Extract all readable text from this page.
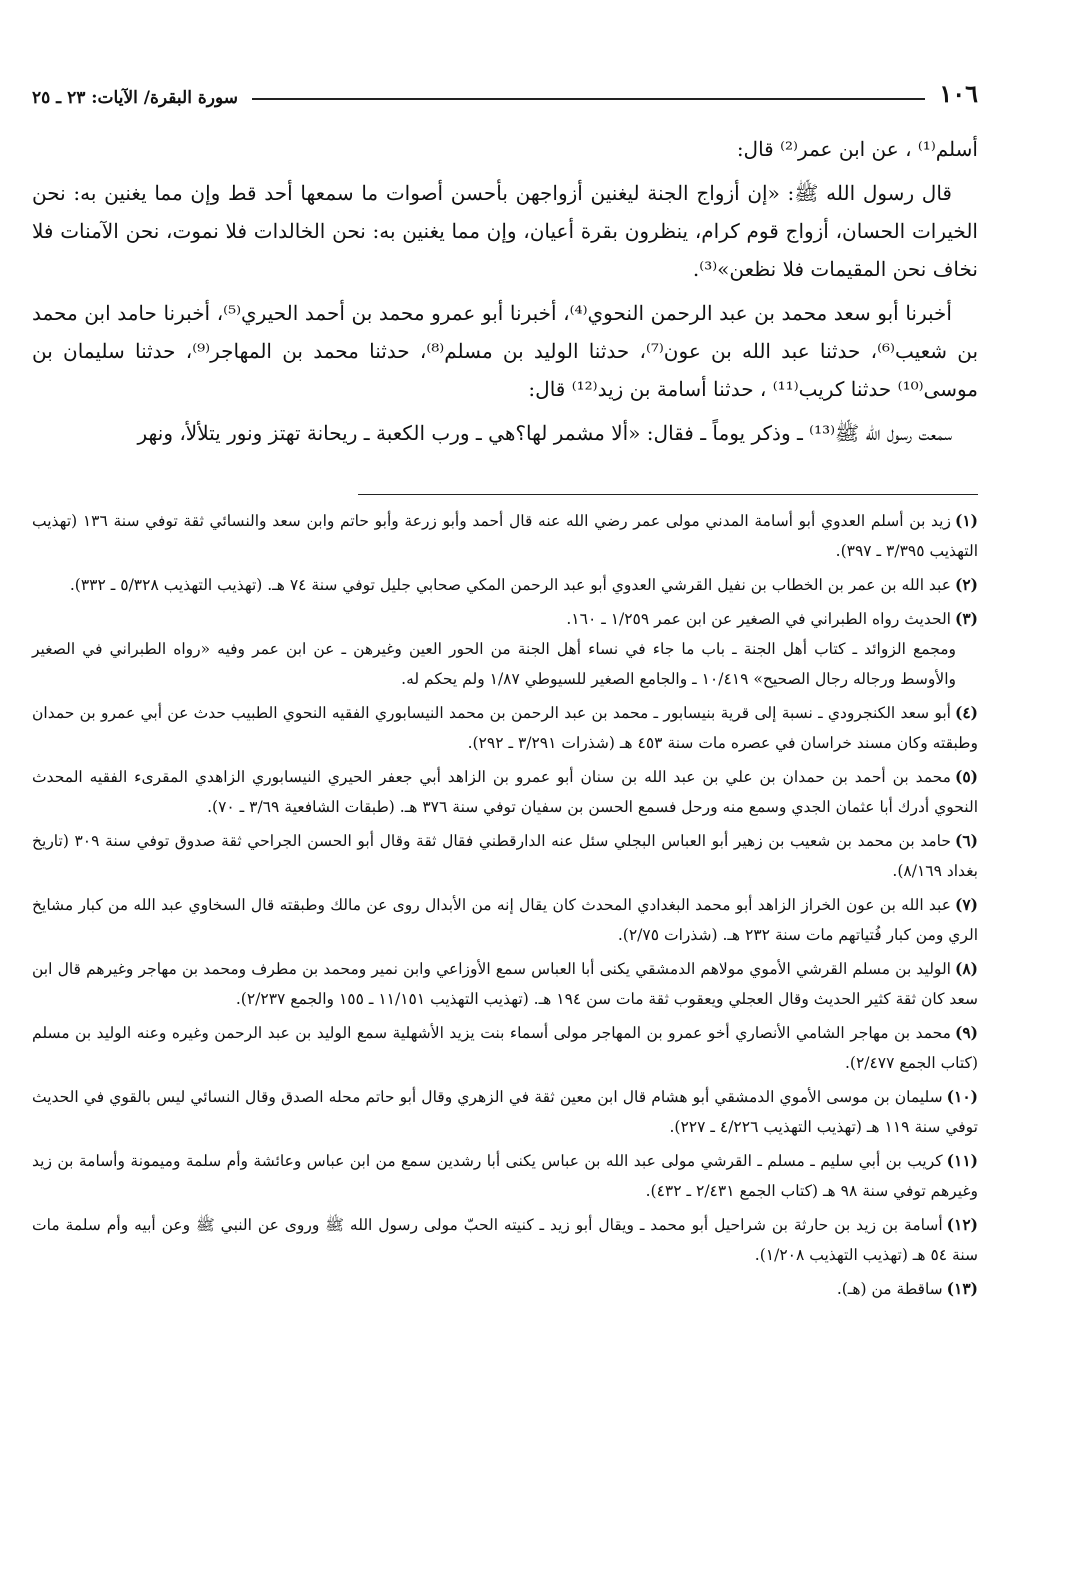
١٠٦
سورة البقرة/ الآيات: ٢٣ ـ ٢٥

أسلم⁽¹⁾ ، عن ابن عمر⁽²⁾ قال:

قال رسول الله ﷺ: «إن أزواج الجنة ليغنين أزواجهن بأحسن أصوات ما سمعها أحد قط وإن مما يغنين به: نحن الخيرات الحسان، أزواج قوم كرام، ينظرون بقرة أعيان، وإن مما يغنين به: نحن الخالدات فلا نموت، نحن الآمنات فلا نخاف نحن المقيمات فلا نظعن»⁽³⁾.

أخبرنا أبو سعد محمد بن عبد الرحمن النحوي⁽⁴⁾، أخبرنا أبو عمرو محمد بن أحمد الحيري⁽⁵⁾، أخبرنا حامد ابن محمد بن شعيب⁽⁶⁾، حدثنا عبد الله بن عون⁽⁷⁾، حدثنا الوليد بن مسلم⁽⁸⁾، حدثنا محمد بن المهاجر⁽⁹⁾، حدثنا سليمان بن موسى⁽¹⁰⁾ حدثنا كريب⁽¹¹⁾ ، حدثنا أسامة بن زيد⁽¹²⁾ قال:

سمعت رسول الله ﷺ⁽¹³⁾ ـ وذكر يوماً ـ فقال: «ألا مشمر لها؟هي ـ ورب الكعبة ـ ريحانة تهتز ونور يتلألأ، ونهر

(١)زيد بن أسلم العدوي أبو أسامة المدني مولى عمر رضي الله عنه قال أحمد وأبو زرعة وأبو حاتم وابن سعد والنسائي ثقة توفي سنة ١٣٦ (تهذيب التهذيب ٣/٣٩٥ ـ ٣٩٧).
(٢)عبد الله بن عمر بن الخطاب بن نفيل القرشي العدوي أبو عبد الرحمن المكي صحابي جليل توفي سنة ٧٤ هـ. (تهذيب التهذيب ٥/٣٢٨ ـ ٣٣٢).
(٣)الحديث رواه الطبراني في الصغير عن ابن عمر ١/٢٥٩ ـ ١٦٠.

ومجمع الزوائد ـ كتاب أهل الجنة ـ باب ما جاء في نساء أهل الجنة من الحور العين وغيرهن ـ عن ابن عمر وفيه «رواه الطبراني في الصغير والأوسط ورجاله رجال الصحيح» ١٠/٤١٩ ـ والجامع الصغير للسيوطي ١/٨٧ ولم يحكم له.

(٤)أبو سعد الكنجرودي ـ نسبة إلى قرية بنيسابور ـ محمد بن عبد الرحمن بن محمد النيسابوري الفقيه النحوي الطبيب حدث عن أبي عمرو بن حمدان وطبقته وكان مسند خراسان في عصره مات سنة ٤٥٣ هـ (شذرات ٣/٢٩١ ـ ٢٩٢).
(٥)محمد بن أحمد بن حمدان بن علي بن عبد الله بن سنان أبو عمرو بن الزاهد أبي جعفر الحيري النيسابوري الزاهدي المقرىء الفقيه المحدث النحوي أدرك أبا عثمان الجدي وسمع منه ورحل فسمع الحسن بن سفيان توفي سنة ٣٧٦ هـ. (طبقات الشافعية ٣/٦٩ ـ ٧٠).
(٦)حامد بن محمد بن شعيب بن زهير أبو العباس البجلي سئل عنه الدارقطني فقال ثقة وقال أبو الحسن الجراحي ثقة صدوق توفي سنة ٣٠٩ (تاريخ بغداد ٨/١٦٩).
(٧)عبد الله بن عون الخراز الزاهد أبو محمد البغدادي المحدث كان يقال إنه من الأبدال روى عن مالك وطبقته قال السخاوي عبد الله من كبار مشايخ الري ومن كبار فُتياتهم مات سنة ٢٣٢ هـ. (شذرات ٢/٧٥).
(٨)الوليد بن مسلم القرشي الأموي مولاهم الدمشقي يكنى أبا العباس سمع الأوزاعي وابن نمير ومحمد بن مطرف ومحمد بن مهاجر وغيرهم قال ابن سعد كان ثقة كثير الحديث وقال العجلي ويعقوب ثقة مات سن ١٩٤ هـ. (تهذيب التهذيب ١١/١٥١ ـ ١٥٥ والجمع ٢/٢٣٧).
(٩)محمد بن مهاجر الشامي الأنصاري أخو عمرو بن المهاجر مولى أسماء بنت يزيد الأشهلية سمع الوليد بن عبد الرحمن وغيره وعنه الوليد بن مسلم (كتاب الجمع ٢/٤٧٧).
(١٠)سليمان بن موسى الأموي الدمشقي أبو هشام قال ابن معين ثقة في الزهري وقال أبو حاتم محله الصدق وقال النسائي ليس بالقوي في الحديث توفي سنة ١١٩ هـ (تهذيب التهذيب ٤/٢٢٦ ـ ٢٢٧).
(١١)كريب بن أبي سليم ـ مسلم ـ القرشي مولى عبد الله بن عباس يكنى أبا رشدين سمع من ابن عباس وعائشة وأم سلمة وميمونة وأسامة بن زيد وغيرهم توفي سنة ٩٨ هـ (كتاب الجمع ٢/٤٣١ ـ ٤٣٢).
(١٢)أسامة بن زيد بن حارثة بن شراحيل أبو محمد ـ ويقال أبو زيد ـ كنيته الحبّ مولى رسول الله ﷺ وروى عن النبي ﷺ وعن أبيه وأم سلمة مات سنة ٥٤ هـ (تهذيب التهذيب ١/٢٠٨).
(١٣)ساقطة من (هـ).
